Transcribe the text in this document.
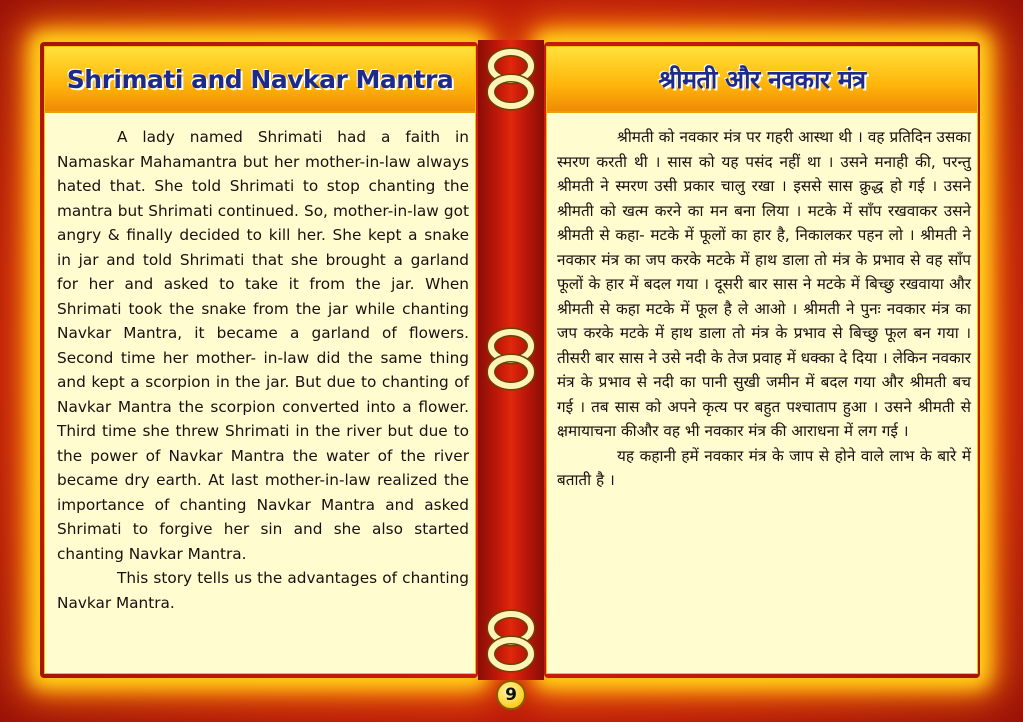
Shrimati and Navkar Mantra

A lady named Shrimati had a faith in Namaskar Mahamantra but her mother-in-law always hated that. She told Shrimati to stop chanting the mantra but Shrimati continued. So, mother-in-law got angry & finally decided to kill her. She kept a snake in jar and told Shrimati that she brought a garland for her and asked to take it from the jar. When Shrimati took the snake from the jar while chanting Navkar Mantra, it became a garland of flowers. Second time her mother- in-law did the same thing and kept a scorpion in the jar. But due to chanting of Navkar Mantra the scorpion converted into a flower. Third time she threw Shrimati in the river but due to the power of Navkar Mantra the water of the river became dry earth. At last mother-in-law realized the importance of chanting Navkar Mantra and asked Shrimati to forgive her sin and she also started chanting Navkar Mantra.

This story tells us the advantages of chanting Navkar Mantra.

श्रीमती और नवकार मंत्र

श्रीमती को नवकार मंत्र पर गहरी आस्था थी । वह प्रतिदिन उसका स्मरण करती थी । सास को यह पसंद नहीं था । उसने मनाही की, परन्तु श्रीमती ने स्मरण उसी प्रकार चालु रखा । इससे सास क्रुद्ध हो गई । उसने श्रीमती को खत्म करने का मन बना लिया । मटके में साँप रखवाकर उसने श्रीमती से कहा- मटके में फूलों का हार है, निकालकर पहन लो । श्रीमती ने नवकार मंत्र का जप करके मटके में हाथ डाला तो मंत्र के प्रभाव से वह साँप फूलों के हार में बदल गया । दूसरी बार सास ने मटके में बिच्छु रखवाया और श्रीमती से कहा मटके में फूल है ले आओ । श्रीमती ने पुनः नवकार मंत्र का जप करके मटके में हाथ डाला तो मंत्र के प्रभाव से बिच्छु फूल बन गया ।तीसरी बार सास ने उसे नदी के तेज प्रवाह में धक्का दे दिया । लेकिन नवकार मंत्र के प्रभाव से नदी का पानी सुखी जमीन में बदल गया और श्रीमती बच गई । तब सास को अपने कृत्य पर बहुत पश्चाताप हुआ । उसने श्रीमती से क्षमायाचना कीऔर वह भी नवकार मंत्र की आराधना में लग गई ।

यह कहानी हमें नवकार मंत्र के जाप से होने वाले लाभ के बारे में बताती है ।

9
